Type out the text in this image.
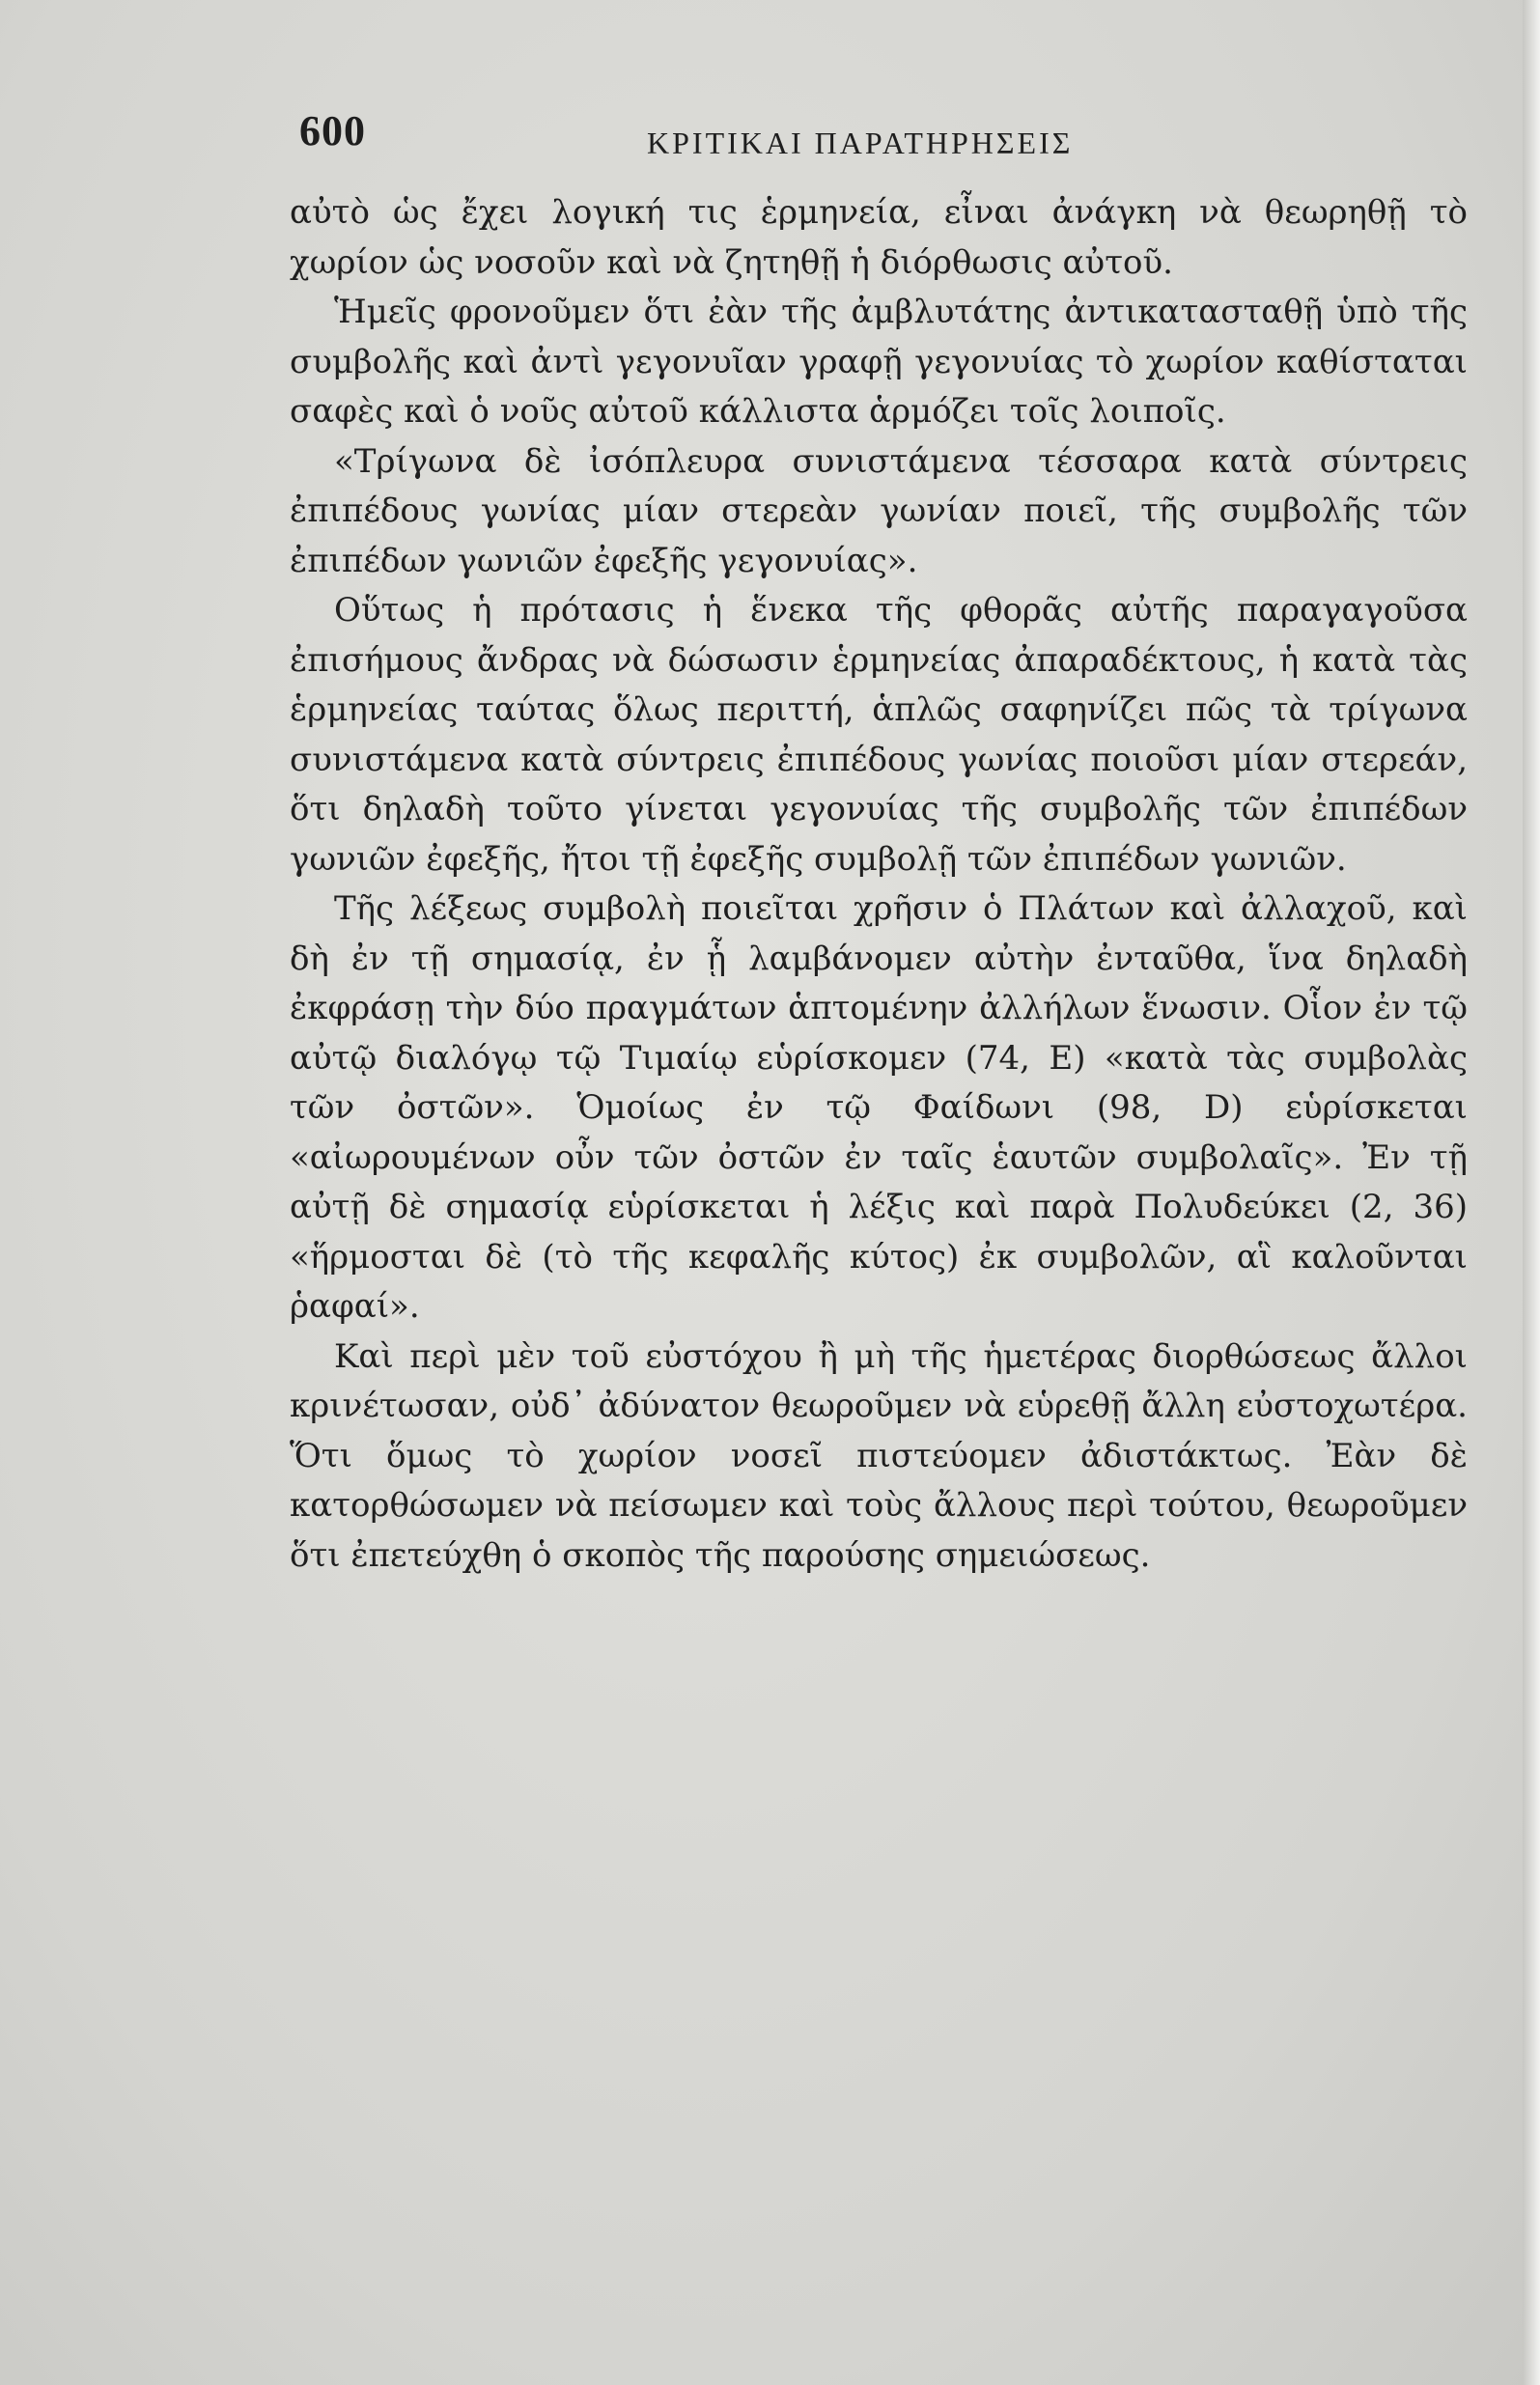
600	ΚΡΙΤΙΚΑΙ ΠΑΡΑΤΗΡΗΣΕΙΣ

αὐτὸ ὡς ἔχει λογική τις ἑρμηνεία, εἶναι ἀνάγκη νὰ θεωρηθῇ τὸ χωρίον ὡς νοσοῦν καὶ νὰ ζητηθῇ ἡ διόρθωσις αὐτοῦ.

Ἡμεῖς φρονοῦμεν ὅτι ἐὰν τῆς ἀμβλυτάτης ἀντικατασταθῇ ὑπὸ τῆς συμβολῆς καὶ ἀντὶ γεγονυῖαν γραφῇ γεγονυίας τὸ χωρίον καθίσταται σαφὲς καὶ ὁ νοῦς αὐτοῦ κάλλιστα ἁρμόζει τοῖς λοιποῖς.

«Τρίγωνα δὲ ἰσόπλευρα συνιστάμενα τέσσαρα κατὰ σύντρεις ἐπιπέδους γωνίας μίαν στερεὰν γωνίαν ποιεῖ, τῆς συμβολῆς τῶν ἐπιπέδων γωνιῶν ἐφεξῆς γεγονυίας».

Οὕτως ἡ πρότασις ἡ ἕνεκα τῆς φθορᾶς αὐτῆς παραγαγοῦσα ἐπισήμους ἄνδρας νὰ δώσωσιν ἑρμηνείας ἀπαραδέκτους, ἡ κατὰ τὰς ἑρμηνείας ταύτας ὅλως περιττή, ἁπλῶς σαφηνίζει πῶς τὰ τρίγωνα συνιστάμενα κατὰ σύντρεις ἐπιπέδους γωνίας ποιοῦσι μίαν στερεάν, ὅτι δηλαδὴ τοῦτο γίνεται γεγονυίας τῆς συμβολῆς τῶν ἐπιπέδων γωνιῶν ἐφεξῆς, ἤτοι τῇ ἐφεξῆς συμβολῇ τῶν ἐπιπέδων γωνιῶν.

Τῆς λέξεως συμβολὴ ποιεῖται χρῆσιν ὁ Πλάτων καὶ ἀλλαχοῦ, καὶ δὴ ἐν τῇ σημασίᾳ, ἐν ᾗ λαμβάνομεν αὐτὴν ἐνταῦθα, ἵνα δηλαδὴ ἐκφράσῃ τὴν δύο πραγμάτων ἁπτομένην ἀλλήλων ἕνωσιν. Οἷον ἐν τῷ αὐτῷ διαλόγῳ τῷ Τιμαίῳ εὑρίσκομεν (74, Ε) «κατὰ τὰς συμβολὰς τῶν ὀστῶν». Ὁμοίως ἐν τῷ Φαίδωνι (98, D) εὑρίσκεται «αἰωρουμένων οὖν τῶν ὀστῶν ἐν ταῖς ἑαυτῶν συμβολαῖς». Ἐν τῇ αὐτῇ δὲ σημασίᾳ εὑρίσκεται ἡ λέξις καὶ παρὰ Πολυδεύκει (2, 36) «ἥρμοσται δὲ (τὸ τῆς κεφαλῆς κύτος) ἐκ συμβολῶν, αἳ καλοῦνται ῥαφαί».

Καὶ περὶ μὲν τοῦ εὐστόχου ἢ μὴ τῆς ἡμετέρας διορθώσεως ἄλλοι κρινέτωσαν, οὐδ᾽ ἀδύνατον θεωροῦμεν νὰ εὑρεθῇ ἄλλη εὐστοχωτέρα. Ὅτι ὅμως τὸ χωρίον νοσεῖ πιστεύομεν ἀδιστάκτως. Ἐὰν δὲ κατορθώσωμεν νὰ πείσωμεν καὶ τοὺς ἄλλους περὶ τούτου, θεωροῦμεν ὅτι ἐπετεύχθη ὁ σκοπὸς τῆς παρούσης σημειώσεως.
